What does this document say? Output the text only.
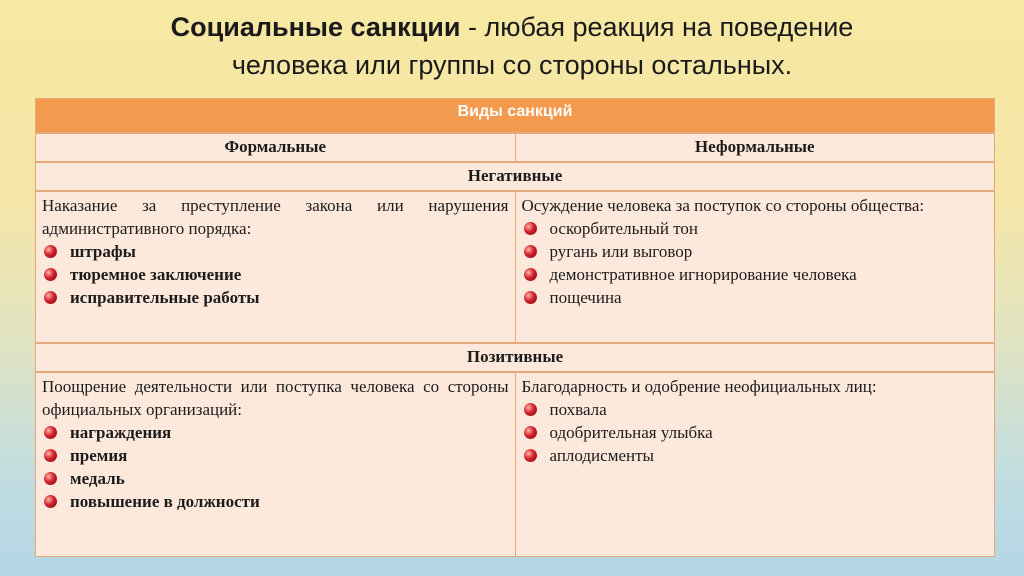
Социальные санкции - любая реакция на поведение
человека или группы со стороны остальных.
Виды санкций
Формальные	Неформальные
Негативные
Наказание за преступление закона или нарушения административного порядка:
штрафы
тюремное заключение
исправительные работы
Осуждение человека за поступок со стороны общества:
оскорбительный тон
ругань или выговор
демонстративное игнорирование человека
пощечина
Позитивные
Поощрение деятельности или поступка человека со стороны официальных организаций:
награждения
премия
медаль
повышение в должности
Благодарность и одобрение неофициальных лиц:
похвала
одобрительная улыбка
аплодисменты
